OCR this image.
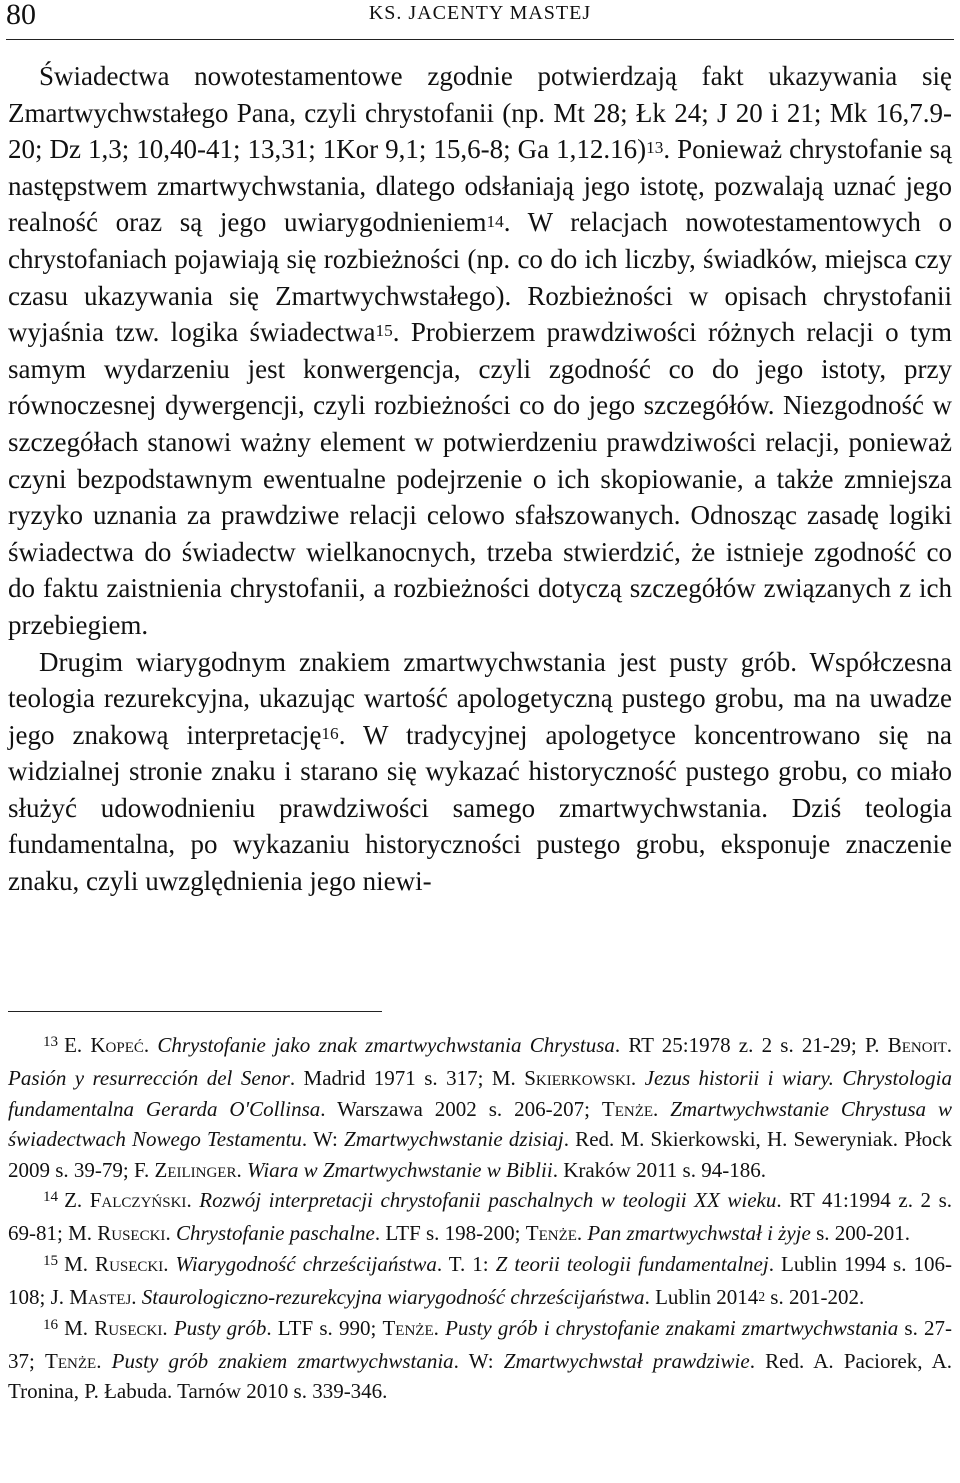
80	KS. JACENTY MASTEJ

Świadectwa nowotestamentowe zgodnie potwierdzają fakt ukazywania się Zmartwychwstałego Pana, czyli chrystofanii (np. Mt 28; Łk 24; J 20 i 21; Mk 16,7.9-20; Dz 1,3; 10,40-41; 13,31; 1Kor 9,1; 15,6-8; Ga 1,12.16)$^{13}$. Ponieważ chrystofanie są następstwem zmartwychwstania, dlatego odsłaniają jego istotę, pozwalają uznać jego realność oraz są jego uwiarygodnieniem$^{14}$. W relacjach nowotestamentowych o chrystofaniach pojawiają się rozbieżności (np. co do ich liczby, świadków, miejsca czy czasu ukazywania się Zmartwychwstałego). Rozbieżności w opisach chrystofanii wyjaśnia tzw. logika świadectwa$^{15}$. Probierzem prawdziwości różnych relacji o tym samym wydarzeniu jest konwergencja, czyli zgodność co do jego istoty, przy równoczesnej dywergencji, czyli rozbieżności co do jego szczegółów. Niezgodność w szczegółach stanowi ważny element w potwierdzeniu prawdziwości relacji, ponieważ czyni bezpodstawnym ewentualne podejrzenie o ich skopiowanie, a także zmniejsza ryzyko uznania za prawdziwe relacji celowo sfałszowanych. Odnosząc zasadę logiki świadectwa do świadectw wielkanocnych, trzeba stwierdzić, że istnieje zgodność co do faktu zaistnienia chrystofanii, a rozbieżności dotyczą szczegółów związanych z ich przebiegiem.

Drugim wiarygodnym znakiem zmartwychwstania jest pusty grób. Współczesna teologia rezurekcyjna, ukazując wartość apologetyczną pustego grobu, ma na uwadze jego znakową interpretację$^{16}$. W tradycyjnej apologetyce koncentrowano się na widzialnej stronie znaku i starano się wykazać historyczność pustego grobu, co miało służyć udowodnieniu prawdziwości samego zmartwychwstania. Dziś teologia fundamentalna, po wykazaniu historyczności pustego grobu, eksponuje znaczenie znaku, czyli uwzględnienia jego niewi-

$^{13}$ E. Kopeć. Chrystofanie jako znak zmartwychwstania Chrystusa. RT 25:1978 z. 2 s. 21-29; P. Benoit. Pasión y resurrección del Senor. Madrid 1971 s. 317; M. Skierkowski. Jezus historii i wiary. Chrystologia fundamentalna Gerarda O'Collinsa. Warszawa 2002 s. 206-207; Tenże. Zmartwychwstanie Chrystusa w świadectwach Nowego Testamentu. W: Zmartwychwstanie dzisiaj. Red. M. Skierkowski, H. Seweryniak. Płock 2009 s. 39-79; F. Zeilinger. Wiara w Zmartwychwstanie w Biblii. Kraków 2011 s. 94-186.

$^{14}$ Z. Falczyński. Rozwój interpretacji chrystofanii paschalnych w teologii XX wieku. RT 41:1994 z. 2 s. 69-81; M. Rusecki. Chrystofanie paschalne. LTF s. 198-200; Tenże. Pan zmartwychwstał i żyje s. 200-201.

$^{15}$ M. Rusecki. Wiarygodność chrześcijaństwa. T. 1: Z teorii teologii fundamentalnej. Lublin 1994 s. 106-108; J. Mastej. Staurologiczno-rezurekcyjna wiarygodność chrześcijaństwa. Lublin 2014$^2$ s. 201-202.

$^{16}$ M. Rusecki. Pusty grób. LTF s. 990; Tenże. Pusty grób i chrystofanie znakami zmartwychwstania s. 27-37; Tenże. Pusty grób znakiem zmartwychwstania. W: Zmartwychwstał prawdziwie. Red. A. Paciorek, A. Tronina, P. Łabuda. Tarnów 2010 s. 339-346.
